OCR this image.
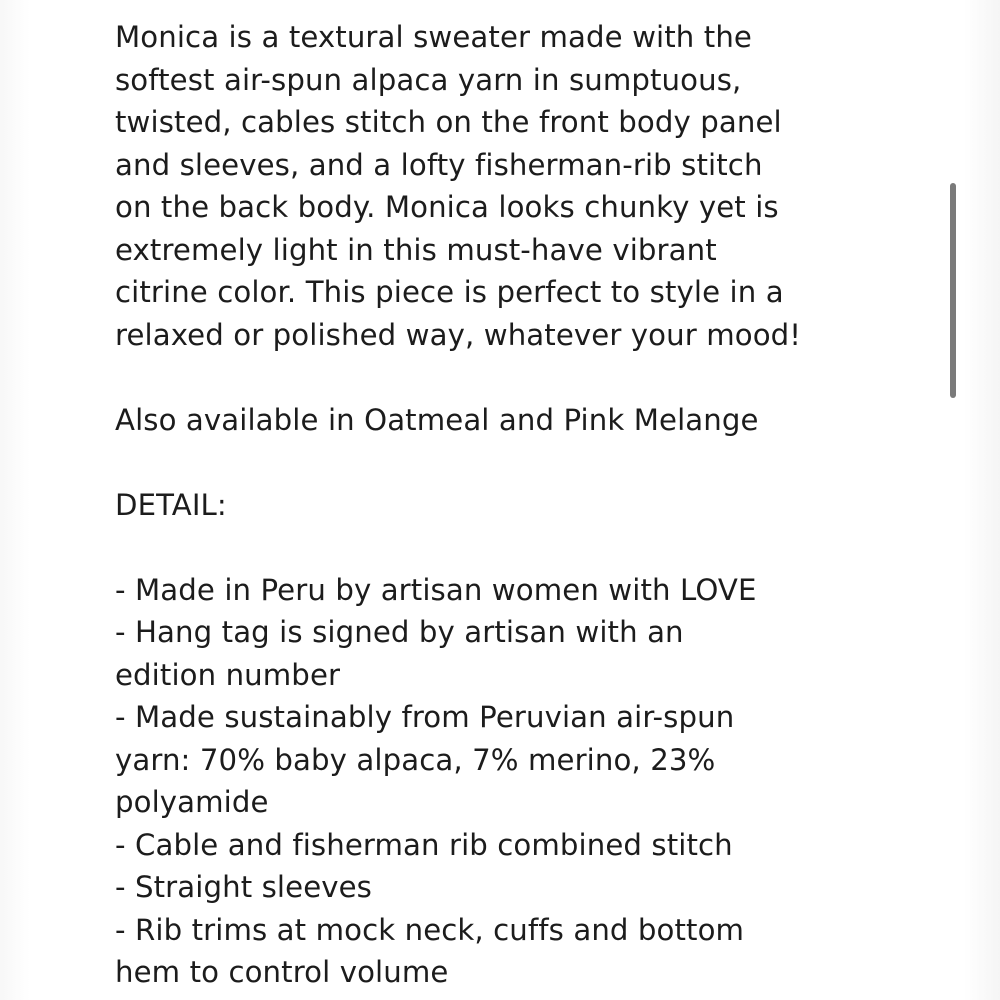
Monica is a textural sweater made with the
softest air-spun alpaca yarn in sumptuous,
twisted, cables stitch on the front body panel
and sleeves, and a lofty fisherman-rib stitch
on the back body. Monica looks chunky yet is
extremely light in this must-have vibrant
citrine color. This piece is perfect to style in a
relaxed or polished way, whatever your mood!
Also available in Oatmeal and Pink Melange
DETAIL:
- Made in Peru by artisan women with LOVE
- Hang tag is signed by artisan with an
edition number
- Made sustainably from Peruvian air-spun
yarn: 70% baby alpaca, 7% merino, 23%
polyamide
- Cable and fisherman rib combined stitch
- Straight sleeves
- Rib trims at mock neck, cuffs and bottom
hem to control volume
